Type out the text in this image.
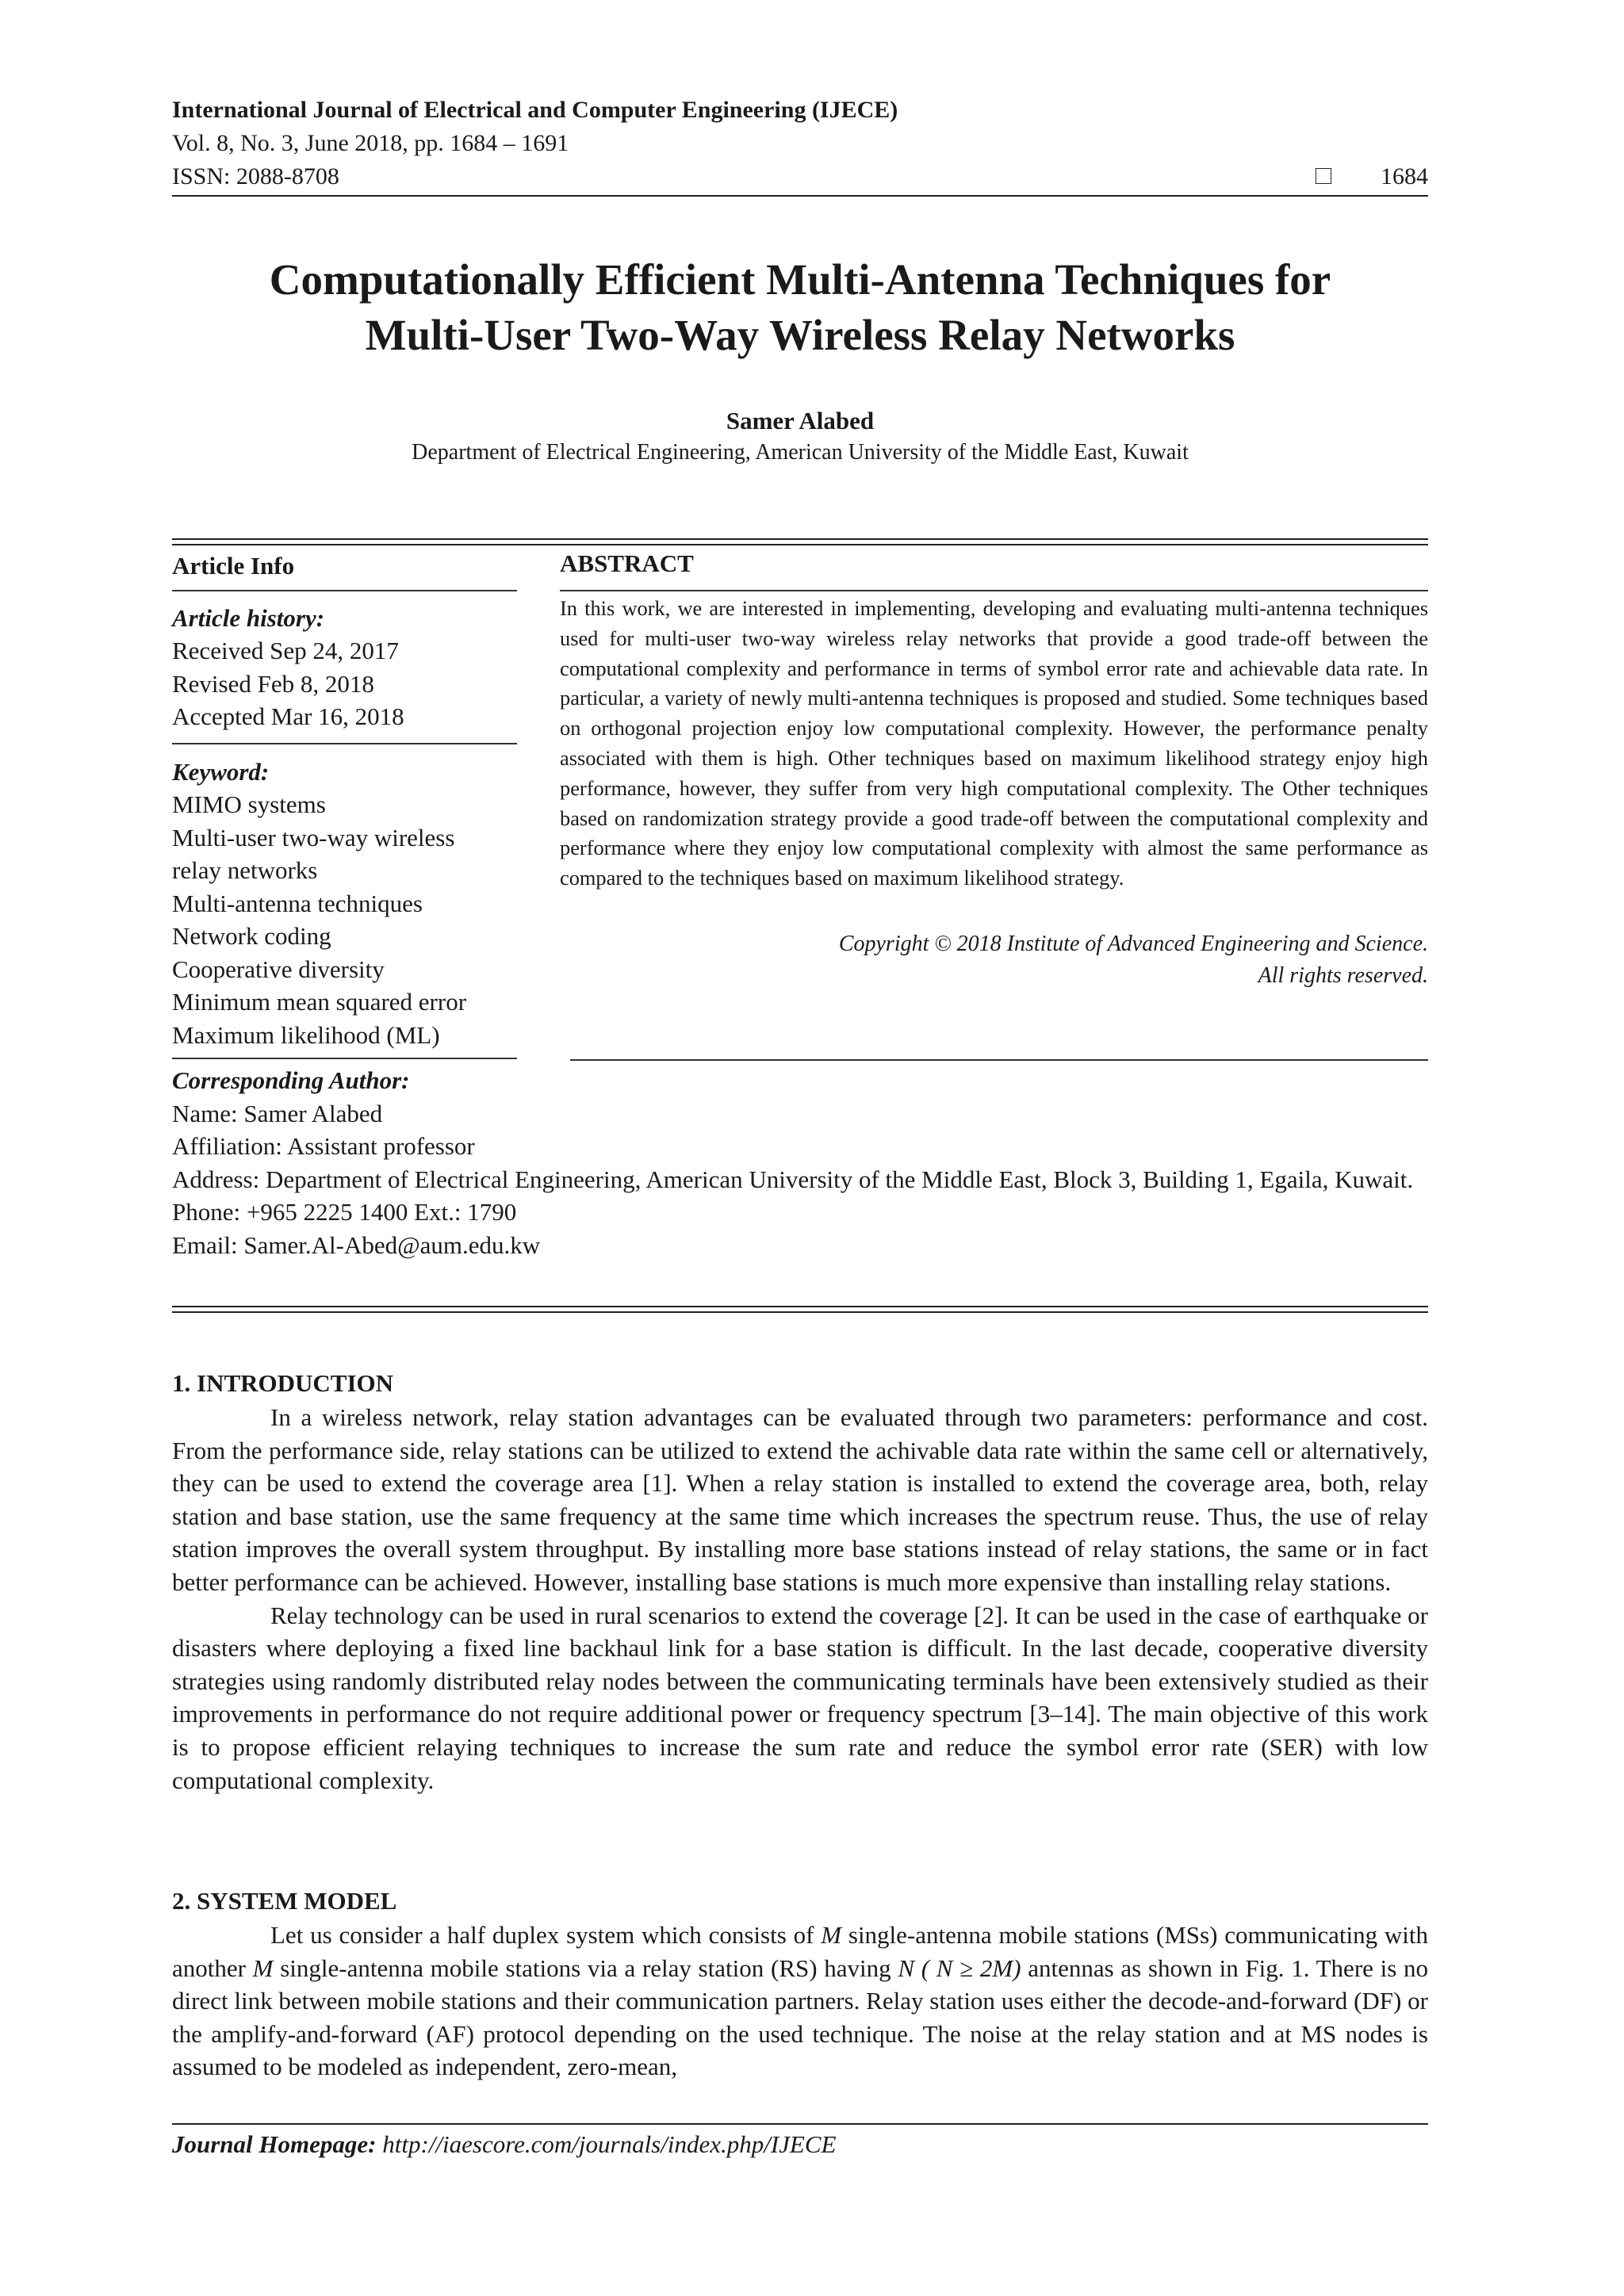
International Journal of Electrical and Computer Engineering (IJECE)
Vol. 8, No. 3, June 2018, pp. 1684 – 1691
ISSN: 2088-8708	1684
Computationally Efficient Multi-Antenna Techniques for
Multi-User Two-Way Wireless Relay Networks
Samer Alabed
Department of Electrical Engineering, American University of the Middle East, Kuwait
Article Info
Article history:
Received Sep 24, 2017
Revised Feb 8, 2018
Accepted Mar 16, 2018
Keyword:
MIMO systems
Multi-user two-way wireless
relay networks
Multi-antenna techniques
Network coding
Cooperative diversity
Minimum mean squared error
Maximum likelihood (ML)
ABSTRACT
In this work, we are interested in implementing, developing and evaluating multi-antenna techniques used for multi-user two-way wireless relay networks that provide a good trade-off between the computational complexity and performance in terms of symbol error rate and achievable data rate. In particular, a variety of newly multi-antenna techniques is proposed and studied. Some techniques based on orthogonal projection enjoy low computational complexity. However, the performance penalty associated with them is high. Other techniques based on maximum likelihood strategy enjoy high performance, however, they suffer from very high computational complexity. The Other techniques based on randomization strategy provide a good trade-off between the computational complexity and performance where they enjoy low computational complexity with almost the same performance as compared to the techniques based on maximum likelihood strategy.
Copyright © 2018 Institute of Advanced Engineering and Science.
All rights reserved.
Corresponding Author:
Name: Samer Alabed
Affiliation: Assistant professor
Address: Department of Electrical Engineering, American University of the Middle East, Block 3, Building 1, Egaila, Kuwait.
Phone: +965 2225 1400 Ext.: 1790
Email: Samer.Al-Abed@aum.edu.kw
1. INTRODUCTION

In a wireless network, relay station advantages can be evaluated through two parameters: performance and cost. From the performance side, relay stations can be utilized to extend the achivable data rate within the same cell or alternatively, they can be used to extend the coverage area [1]. When a relay station is installed to extend the coverage area, both, relay station and base station, use the same frequency at the same time which increases the spectrum reuse. Thus, the use of relay station improves the overall system throughput. By installing more base stations instead of relay stations, the same or in fact better performance can be achieved. However, installing base stations is much more expensive than installing relay stations.

Relay technology can be used in rural scenarios to extend the coverage [2]. It can be used in the case of earthquake or disasters where deploying a fixed line backhaul link for a base station is difficult. In the last decade, cooperative diversity strategies using randomly distributed relay nodes between the communicating terminals have been extensively studied as their improvements in performance do not require additional power or frequency spectrum [3–14]. The main objective of this work is to propose efficient relaying techniques to increase the sum rate and reduce the symbol error rate (SER) with low computational complexity.

2. SYSTEM MODEL

Let us consider a half duplex system which consists of M single-antenna mobile stations (MSs) communicating with another M single-antenna mobile stations via a relay station (RS) having N ( N ≥ 2M) antennas as shown in Fig. 1. There is no direct link between mobile stations and their communication partners. Relay station uses either the decode-and-forward (DF) or the amplify-and-forward (AF) protocol depending on the used technique. The noise at the relay station and at MS nodes is assumed to be modeled as independent, zero-mean,

Journal Homepage: http://iaescore.com/journals/index.php/IJECE
